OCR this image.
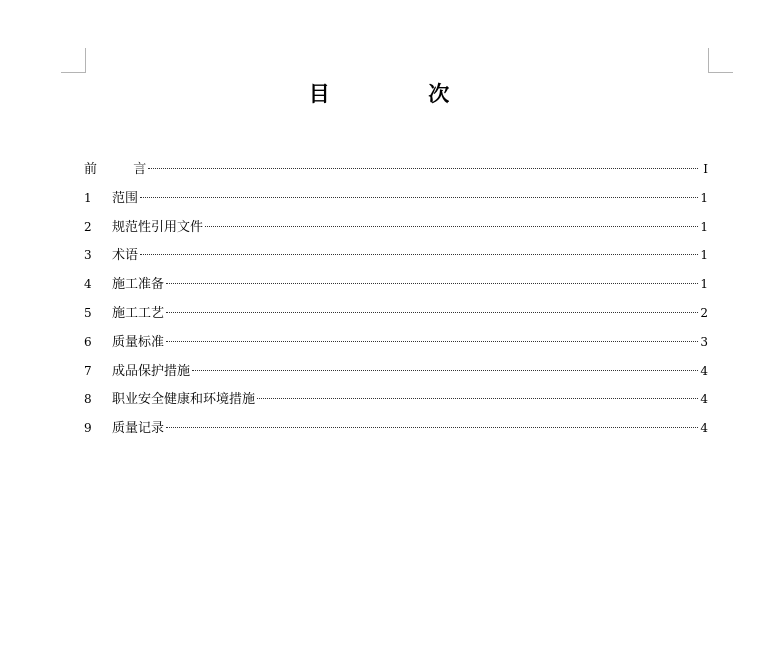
目  次
前  言	I
1	范围	1
2	规范性引用文件	1
3	术语	1
4	施工准备	1
5	施工工艺	2
6	质量标准	3
7	成品保护措施	4
8	职业安全健康和环境措施	4
9	质量记录	4
